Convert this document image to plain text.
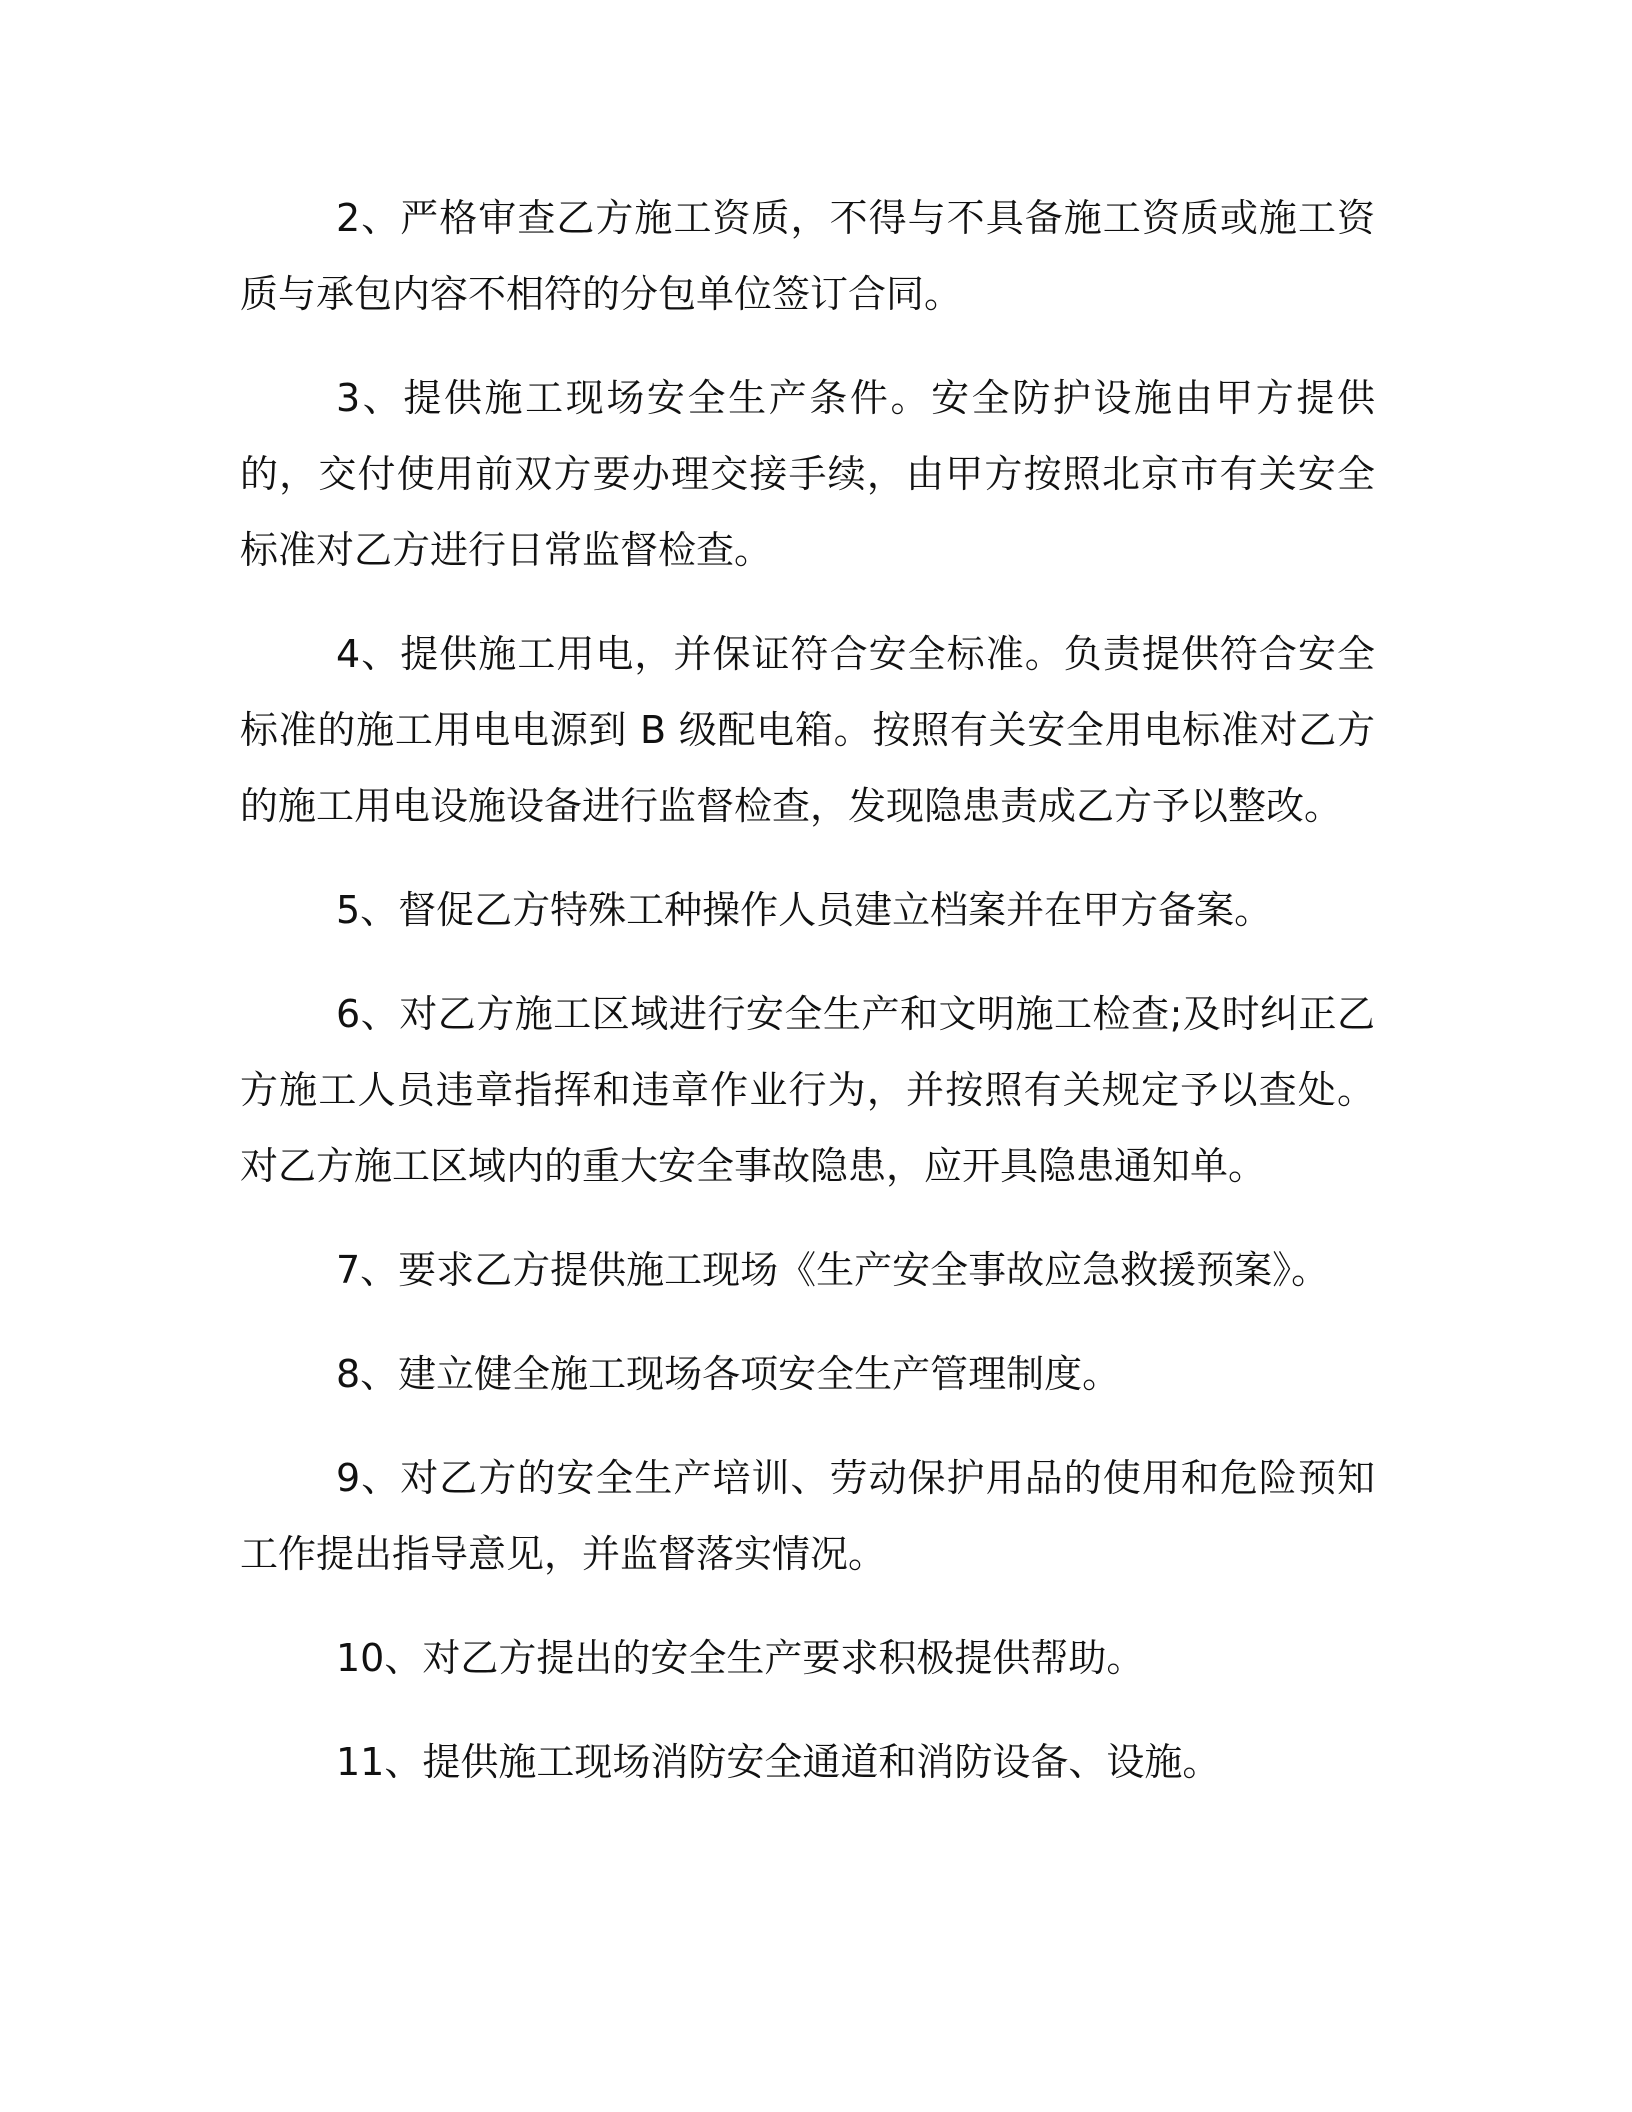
2、严格审查乙方施工资质，不得与不具备施工资质或施工资质与承包内容不相符的分包单位签订合同。

3、提供施工现场安全生产条件。安全防护设施由甲方提供的，交付使用前双方要办理交接手续，由甲方按照北京市有关安全标准对乙方进行日常监督检查。

4、提供施工用电，并保证符合安全标准。负责提供符合安全标准的施工用电电源到 B 级配电箱。按照有关安全用电标准对乙方的施工用电设施设备进行监督检查，发现隐患责成乙方予以整改。

5、督促乙方特殊工种操作人员建立档案并在甲方备案。

6、对乙方施工区域进行安全生产和文明施工检查;及时纠正乙方施工人员违章指挥和违章作业行为，并按照有关规定予以查处。对乙方施工区域内的重大安全事故隐患，应开具隐患通知单。

7、要求乙方提供施工现场《生产安全事故应急救援预案》。

8、建立健全施工现场各项安全生产管理制度。

9、对乙方的安全生产培训、劳动保护用品的使用和危险预知工作提出指导意见，并监督落实情况。

10、对乙方提出的安全生产要求积极提供帮助。

11、提供施工现场消防安全通道和消防设备、设施。
